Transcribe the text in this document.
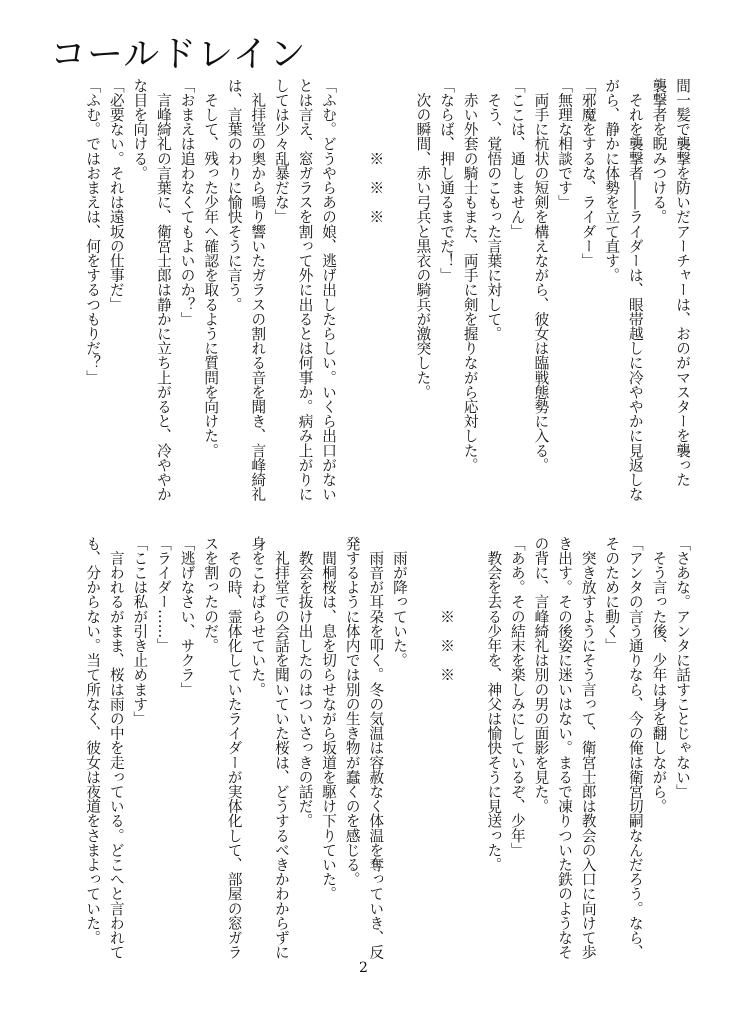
コールドレイン
間一髪で襲撃を防いだアーチャーは、おのがマスターを襲った
襲撃者を睨みつける。
　それを襲撃者――ライダーは、眼帯越しに冷ややかに見返しな
がら、静かに体勢を立て直す。
「邪魔をするな、ライダー」
「無理な相談です」
　両手に杭状の短剣を構えながら、彼女は臨戦態勢に入る。
「ここは、通しません」
　そう、覚悟のこもった言葉に対して。
　赤い外套の騎士もまた、両手に剣を握りながら応対した。
「ならば、押し通るまでだ！」
　次の瞬間、赤い弓兵と黒衣の騎兵が激突した。
　　　　　※　※　※
「ふむ。どうやらあの娘、逃げ出したらしい。いくら出口がない
とは言え、窓ガラスを割って外に出るとは何事か。病み上がりに
しては少々乱暴だな」
　礼拝堂の奥から鳴り響いたガラスの割れる音を聞き、言峰綺礼
は、言葉のわりに愉快そうに言う。
　そして、残った少年へ確認を取るように質問を向けた。
「おまえは追わなくてもよいのか？」
　言峰綺礼の言葉に、衛宮士郎は静かに立ち上がると、冷ややか
な目を向ける。
「必要ない。それは遠坂の仕事だ」
「ふむ。ではおまえは、何をするつもりだ？」
「さあな。アンタに話すことじゃない」
　そう言った後、少年は身を翻しながら。
「アンタの言う通りなら、今の俺は衛宮切嗣なんだろう。なら、
そのために動く」
　突き放すようにそう言って、衛宮士郎は教会の入口に向けて歩
き出す。その後姿に迷いはない。まるで凍りついた鉄のようなそ
の背に、言峰綺礼は別の男の面影を見た。
「ああ。その結末を楽しみにしているぞ、少年」
　教会を去る少年を、神父は愉快そうに見送った。
　　　　　※　※　※
　雨が降っていた。
　雨音が耳朶を叩く。冬の気温は容赦なく体温を奪っていき、反
発するように体内では別の生き物が蠢くのを感じる。
　間桐桜は、息を切らせながら坂道を駆け下りていた。
　教会を抜け出したのはついさっきの話だ。
　礼拝堂での会話を聞いていた桜は、どうするべきかわからずに
身をこわばらせていた。
　その時、霊体化していたライダーが実体化して、部屋の窓ガラ
スを割ったのだ。
「逃げなさい、サクラ」
「ライダー……」
「ここは私が引き止めます」
　言われるがまま、桜は雨の中を走っている。どこへと言われて
も、分からない。当て所なく、彼女は夜道をさまよっていた。
2
